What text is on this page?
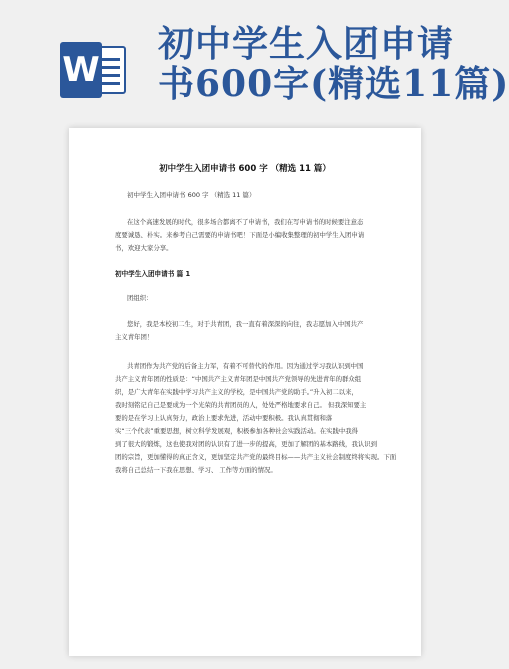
W
初中学生入团申请
书600字(精选11篇)
初中学生入团申请书 600 字 （精选 11 篇）
初中学生入团申请书 600 字 （精选 11 篇）
在这个高速发展的时代，很多场合都离不了申请书，我们在写申请书的时候要注意态
度要诚恳、朴实。来参考自己需要的申请书吧！下面是小编收集整理的初中学生入团申请
书，欢迎大家分享。
初中学生入团申请书 篇 1
团组织：
您好，我是本校初二生，对于共青团，我一直有着深深的向往，我志愿加入中国共产
主义青年团！
共青团作为共产党的后备主力军，有着不可替代的作用。因为通过学习我认识到中国
共产主义青年团的性质是：“中国共产主义青年团是中国共产党领导的先进青年的群众组
织，是广大青年在实践中学习共产主义的学校，是中国共产党的助手。”升入初二以来，
我时刻铭记自己是要成为一个光荣的共青团员的人，处处严格地要求自己。 但我深知要主
要的是在学习上认真努力，政治上要求先进，活动中要积极。我认真贯彻和落
实“三个代表”重要思想，树立科学发展观，积极参加各种社会实践活动。在实践中我得
到了很大的锻炼，这也使我对团的认识有了进一步的提高，更加了解团的基本路线，我认识到
团的宗旨，更加懂得的真正含义，更加坚定共产党的最终目标——共产主义社会制度终将实现。下面
我将自己总结一下我在思想、学习、 工作等方面的情况。
